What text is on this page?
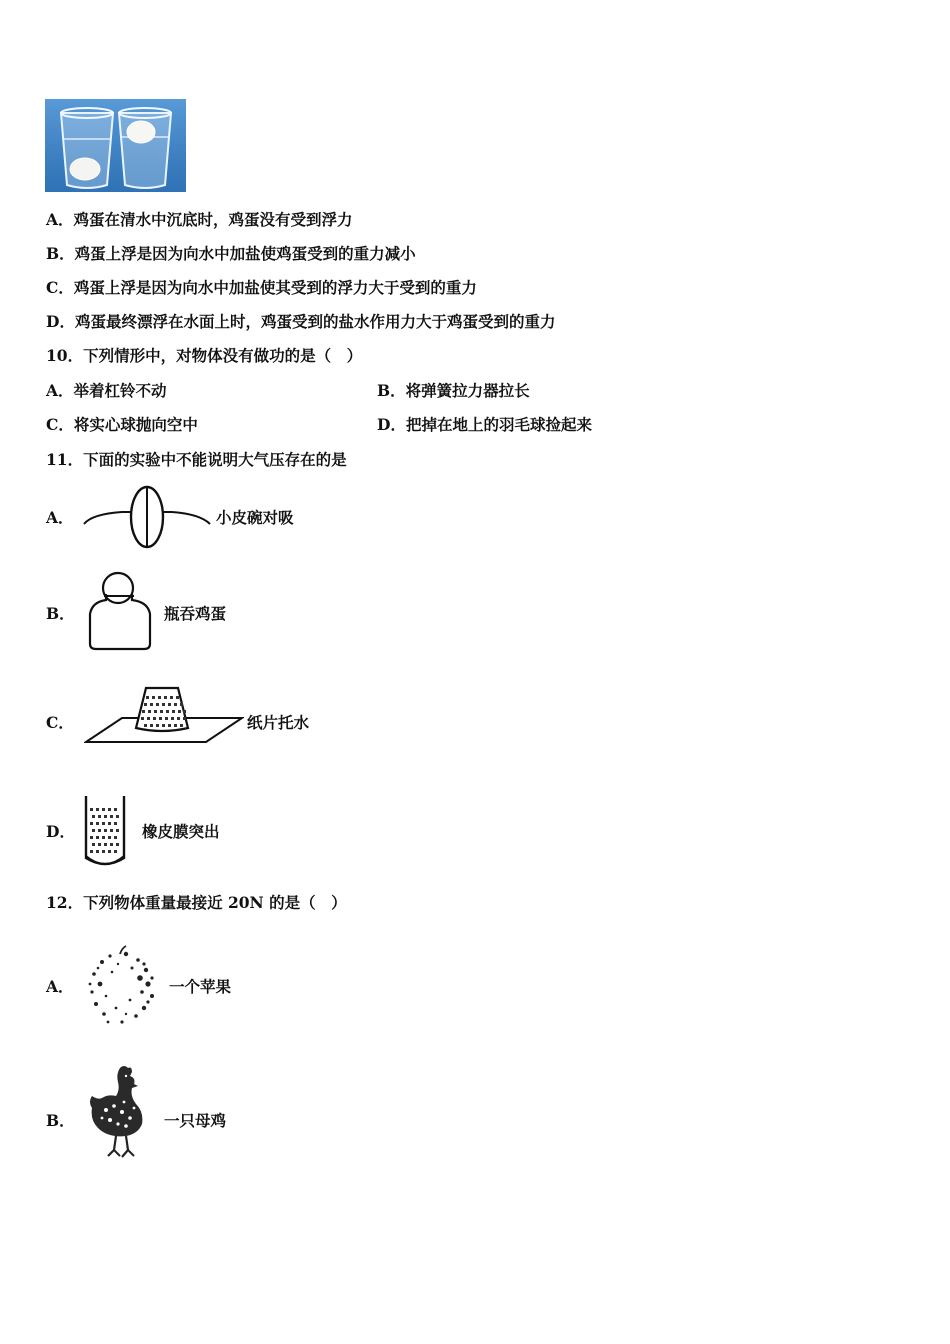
A．鸡蛋在清水中沉底时，鸡蛋没有受到浮力
B．鸡蛋上浮是因为向水中加盐使鸡蛋受到的重力减小
C．鸡蛋上浮是因为向水中加盐使其受到的浮力大于受到的重力
D．鸡蛋最终漂浮在水面上时，鸡蛋受到的盐水作用力大于鸡蛋受到的重力
10．下列情形中，对物体没有做功的是（　）
A．举着杠铃不动	B．将弹簧拉力器拉长
C．将实心球抛向空中	D．把掉在地上的羽毛球捡起来
11．下面的实验中不能说明大气压存在的是
A．	小皮碗对吸
B．	瓶吞鸡蛋
C．	纸片托水
D．	橡皮膜突出
12．下列物体重量最接近 20N 的是（　）
A．	一个苹果
B．	一只母鸡
